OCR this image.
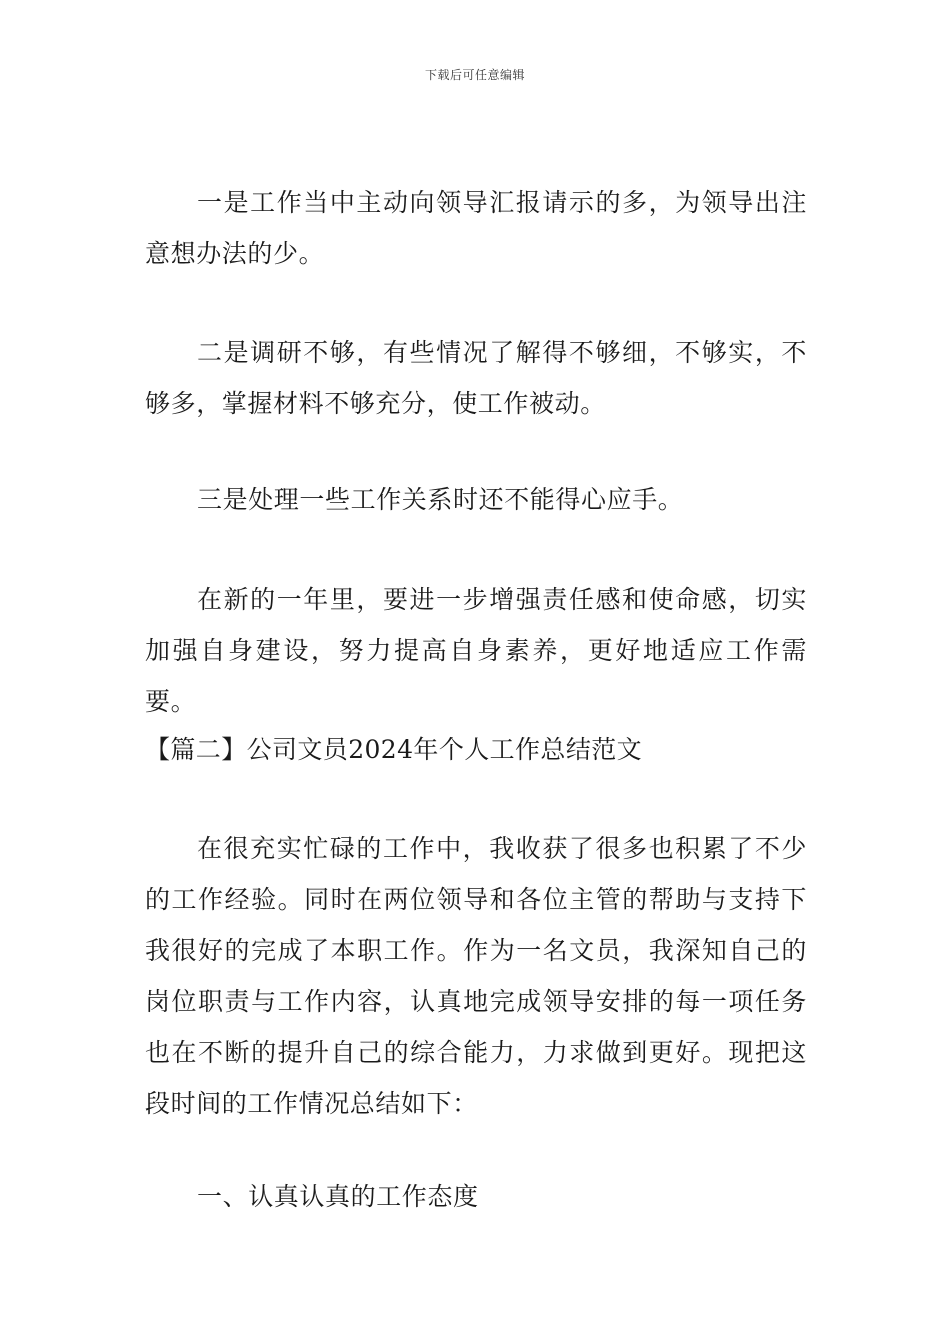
下载后可任意编辑

一是工作当中主动向领导汇报请示的多，为领导出注意想办法的少。

二是调研不够，有些情况了解得不够细，不够实，不够多，掌握材料不够充分，使工作被动。

三是处理一些工作关系时还不能得心应手。

在新的一年里，要进一步增强责任感和使命感，切实加强自身建设，努力提高自身素养，更好地适应工作需要。

【篇二】公司文员2024年个人工作总结范文

在很充实忙碌的工作中，我收获了很多也积累了不少的工作经验。同时在两位领导和各位主管的帮助与支持下我很好的完成了本职工作。作为一名文员，我深知自己的岗位职责与工作内容，认真地完成领导安排的每一项任务也在不断的提升自己的综合能力，力求做到更好。现把这段时间的工作情况总结如下：

一、认真认真的工作态度
